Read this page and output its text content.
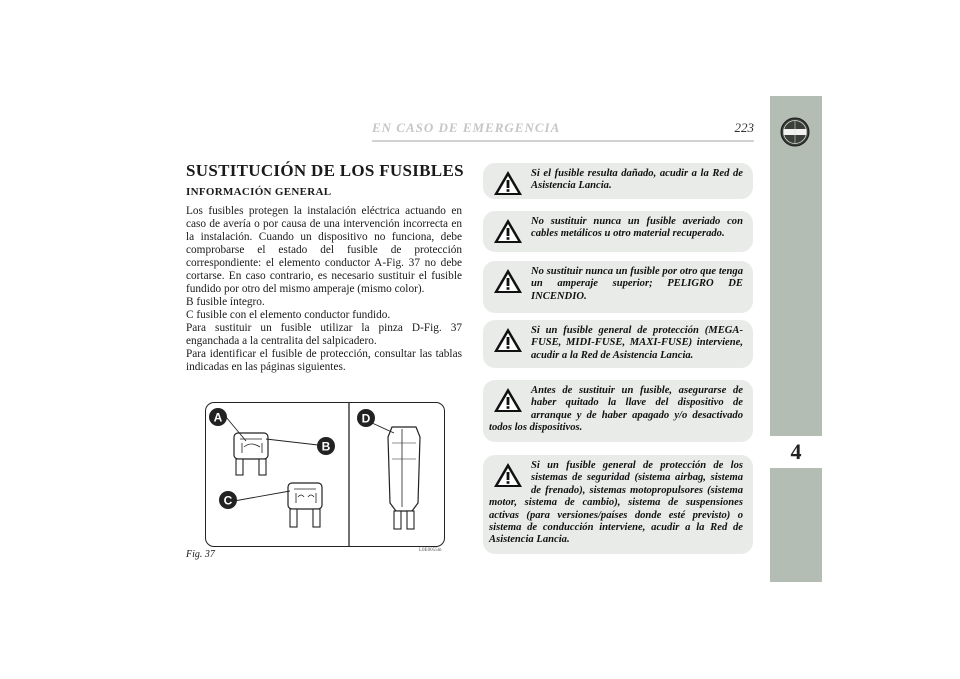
EN CASO DE EMERGENCIA	223
4
SUSTITUCIÓN DE LOS FUSIBLES
INFORMACIÓN GENERAL

Los fusibles protegen la instalación eléctrica actuando en caso de avería o por causa de una intervención incorrecta en la instalación. Cuando un dispositivo no funciona, debe comprobarse el estado del fusible de protección correspondiente: el elemento conductor A-Fig. 37 no debe cortarse. En caso contrario, es necesario sustituir el fusible fundido por otro del mismo amperaje (mismo color).

B fusible íntegro.

C fusible con el elemento conductor fundido.

Para sustituir un fusible utilizar la pinza D-Fig. 37 enganchada a la centralita del salpicadero.

Para identificar el fusible de protección, consultar las tablas indicadas en las páginas siguientes.

A
B
C
D
Fig. 37	L0E0055m
Si el fusible resulta dañado, acudir a la Red de Asistencia Lancia.
No sustituir nunca un fusible averiado con cables metálicos u otro material recuperado.
No sustituir nunca un fusible por otro que tenga un amperaje superior; PELIGRO DE INCENDIO.
Si un fusible general de protección (MEGA-FUSE, MIDI-FUSE, MAXI-FUSE) interviene, acudir a la Red de Asistencia Lancia.
Antes de sustituir un fusible, asegurarse de haber quitado la llave del dispositivo de arranque y de haber apagado y/o desactivado todos los dispositivos.
Si un fusible general de protección de los sistemas de seguridad (sistema airbag, sistema de frenado), sistemas motopropulsores (sistema motor, sistema de cambio), sistema de suspensiones activas (para versiones/países donde esté previsto) o sistema de conducción interviene, acudir a la Red de Asistencia Lancia.
